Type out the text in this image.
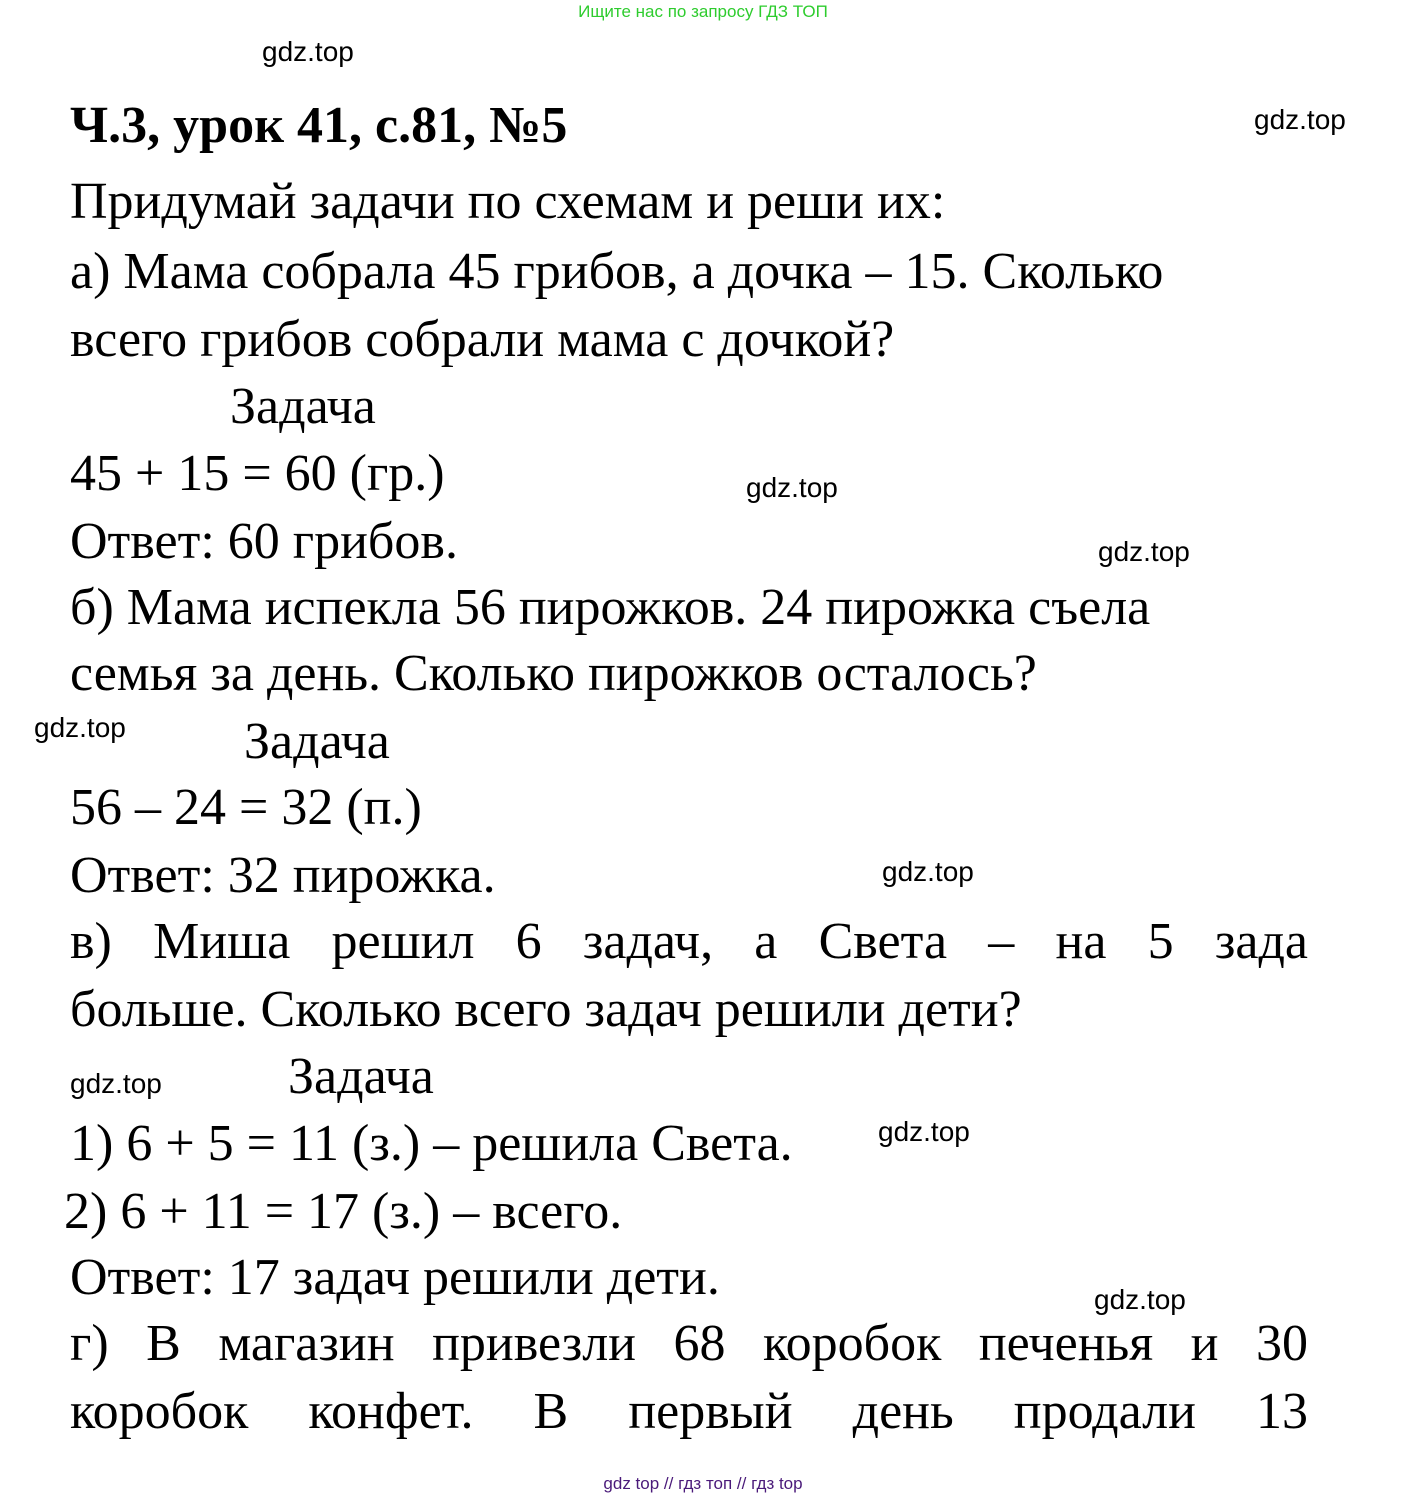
Ищите нас по запросу ГДЗ ТОП
gdz.top
gdz.top
gdz.top
gdz.top
gdz.top
gdz.top
gdz.top
gdz.top
gdz.top
Ч.3, урок 41, с.81, №5
Придумай задачи по схемам и реши их:
а) Мама собрала 45 грибов, а дочка – 15. Сколько
всего грибов собрали мама с дочкой?
Задача
45 + 15 = 60 (гр.)
Ответ: 60 грибов.
б) Мама испекла 56 пирожков. 24 пирожка съела
семья за день. Сколько пирожков осталось?
Задача
56 – 24 = 32 (п.)
Ответ: 32 пирожка.
в) Миша решил 6 задач, а Света – на 5 зада
больше. Сколько всего задач решили дети?
Задача
1) 6 + 5 = 11 (з.) – решила Света.
2) 6 + 11 = 17 (з.) – всего.
Ответ: 17 задач решили дети.
г) В магазин привезли 68 коробок печенья и 30
коробок конфет. В первый день продали 13
gdz top // гдз топ // гдз top
